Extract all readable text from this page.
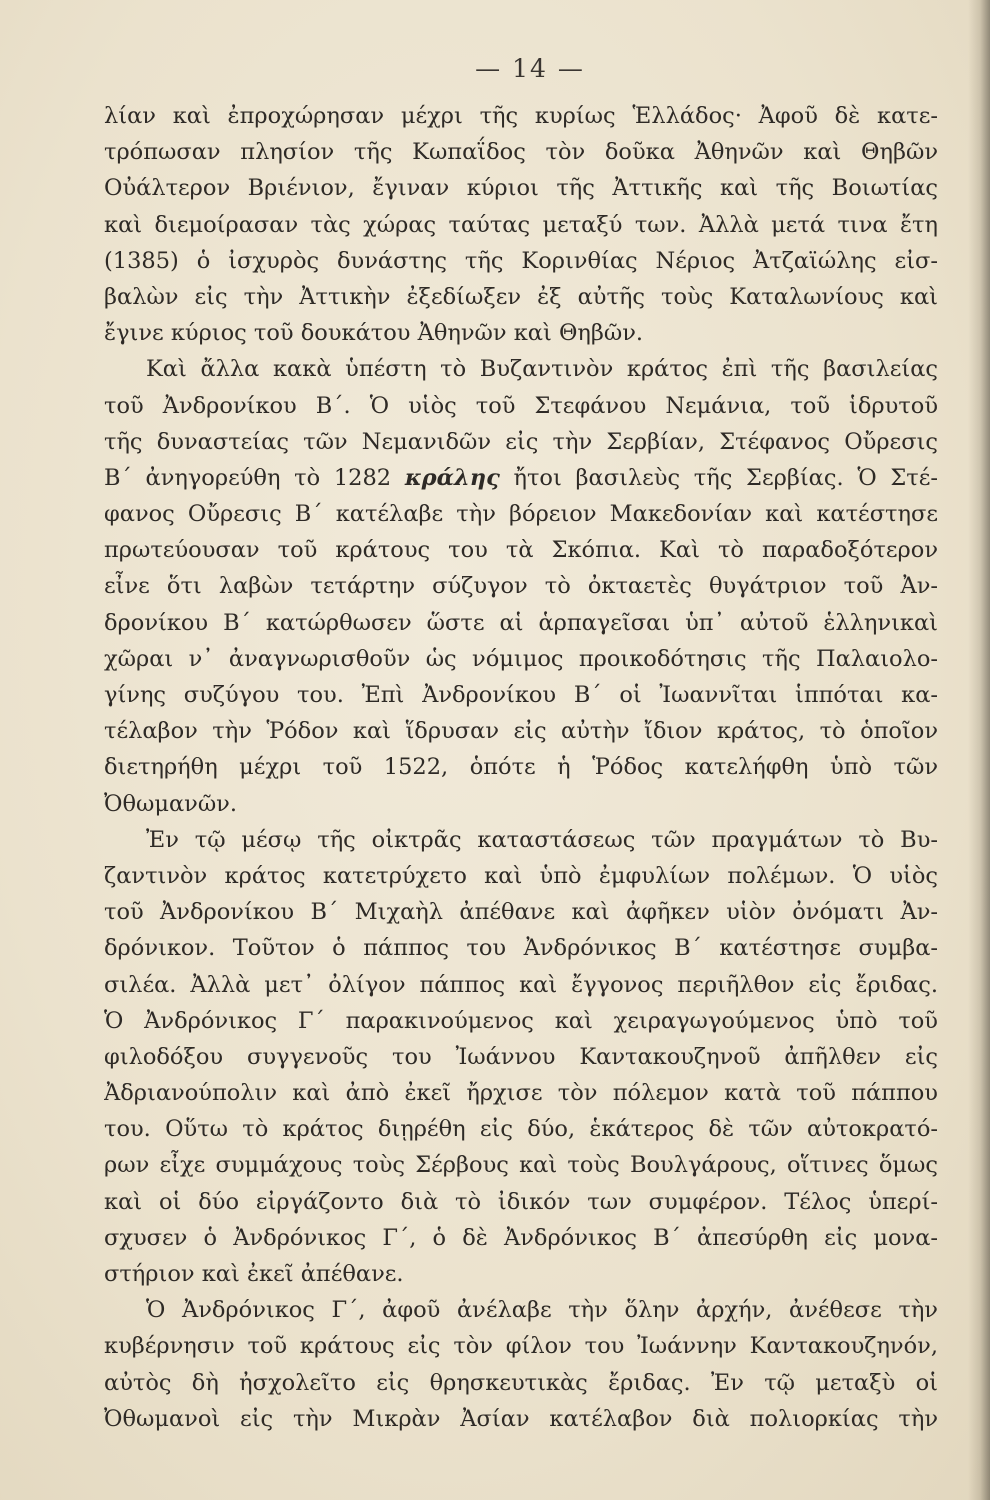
— 14 —
λίαν καὶ ἐπροχώρησαν μέχρι τῆς κυρίως Ἑλλάδος· Ἀφοῦ δὲ κατε-
τρόπωσαν πλησίον τῆς Κωπαΐδος τὸν δοῦκα Ἀθηνῶν καὶ Θηβῶν
Οὐάλτερον Βριένιον, ἔγιναν κύριοι τῆς Ἀττικῆς καὶ τῆς Βοιωτίας
καὶ διεμοίρασαν τὰς χώρας ταύτας μεταξύ των. Ἀλλὰ μετά τινα ἔτη
(1385) ὁ ἰσχυρὸς δυνάστης τῆς Κορινθίας Νέριος Ἀτζαϊώλης εἰσ-
βαλὼν εἰς τὴν Ἀττικὴν ἐξεδίωξεν ἐξ αὐτῆς τοὺς Καταλωνίους καὶ
ἔγινε κύριος τοῦ δουκάτου Ἀθηνῶν καὶ Θηβῶν.
Καὶ ἄλλα κακὰ ὑπέστη τὸ Βυζαντινὸν κράτος ἐπὶ τῆς βασιλείας
τοῦ Ἀνδρονίκου Β΄. Ὁ υἱὸς τοῦ Στεφάνου Νεμάνια, τοῦ ἱδρυτοῦ
τῆς δυναστείας τῶν Νεμανιδῶν εἰς τὴν Σερβίαν, Στέφανος Οὔρεσις
Β΄ ἀνηγορεύθη τὸ 1282 κράλης ἤτοι βασιλεὺς τῆς Σερβίας. Ὁ Στέ-
φανος Οὔρεσις Β΄ κατέλαβε τὴν βόρειον Μακεδονίαν καὶ κατέστησε
πρωτεύουσαν τοῦ κράτους του τὰ Σκόπια. Καὶ τὸ παραδοξότερον
εἶνε ὅτι λαβὼν τετάρτην σύζυγον τὸ ὀκταετὲς θυγάτριον τοῦ Ἀν-
δρονίκου Β΄ κατώρθωσεν ὥστε αἱ ἁρπαγεῖσαι ὑπ᾿ αὐτοῦ ἑλληνικαὶ
χῶραι ν᾿ ἀναγνωρισθοῦν ὡς νόμιμος προικοδότησις τῆς Παλαιολο-
γίνης συζύγου του. Ἐπὶ Ἀνδρονίκου Β΄ οἱ Ἰωαννῖται ἱππόται κα-
τέλαβον τὴν Ῥόδον καὶ ἵδρυσαν εἰς αὐτὴν ἴδιον κράτος, τὸ ὁποῖον
διετηρήθη μέχρι τοῦ 1522, ὁπότε ἡ Ῥόδος κατελήφθη ὑπὸ τῶν
Ὀθωμανῶν.
Ἐν τῷ μέσῳ τῆς οἰκτρᾶς καταστάσεως τῶν πραγμάτων τὸ Βυ-
ζαντινὸν κράτος κατετρύχετο καὶ ὑπὸ ἐμφυλίων πολέμων. Ὁ υἱὸς
τοῦ Ἀνδρονίκου Β΄ Μιχαὴλ ἀπέθανε καὶ ἀφῆκεν υἱὸν ὀνόματι Ἀν-
δρόνικον. Τοῦτον ὁ πάππος του Ἀνδρόνικος Β΄ κατέστησε συμβα-
σιλέα. Ἀλλὰ μετ᾿ ὀλίγον πάππος καὶ ἔγγονος περιῆλθον εἰς ἔριδας.
Ὁ Ἀνδρόνικος Γ΄ παρακινούμενος καὶ χειραγωγούμενος ὑπὸ τοῦ
φιλοδόξου συγγενοῦς του Ἰωάννου Καντακουζηνοῦ ἀπῆλθεν εἰς
Ἀδριανούπολιν καὶ ἀπὸ ἐκεῖ ἤρχισε τὸν πόλεμον κατὰ τοῦ πάππου
του. Οὕτω τὸ κράτος διῃρέθη εἰς δύο, ἑκάτερος δὲ τῶν αὐτοκρατό-
ρων εἶχε συμμάχους τοὺς Σέρβους καὶ τοὺς Βουλγάρους, οἵτινες ὅμως
καὶ οἱ δύο εἰργάζοντο διὰ τὸ ἰδικόν των συμφέρον. Τέλος ὑπερί-
σχυσεν ὁ Ἀνδρόνικος Γ΄, ὁ δὲ Ἀνδρόνικος Β΄ ἀπεσύρθη εἰς μονα-
στήριον καὶ ἐκεῖ ἀπέθανε.
Ὁ Ἀνδρόνικος Γ΄, ἀφοῦ ἀνέλαβε τὴν ὅλην ἀρχήν, ἀνέθεσε τὴν
κυβέρνησιν τοῦ κράτους εἰς τὸν φίλον του Ἰωάννην Καντακουζηνόν,
αὐτὸς δὴ ἠσχολεῖτο εἰς θρησκευτικὰς ἔριδας. Ἐν τῷ μεταξὺ οἱ
Ὀθωμανοὶ εἰς τὴν Μικρὰν Ἀσίαν κατέλαβον διὰ πολιορκίας τὴν
